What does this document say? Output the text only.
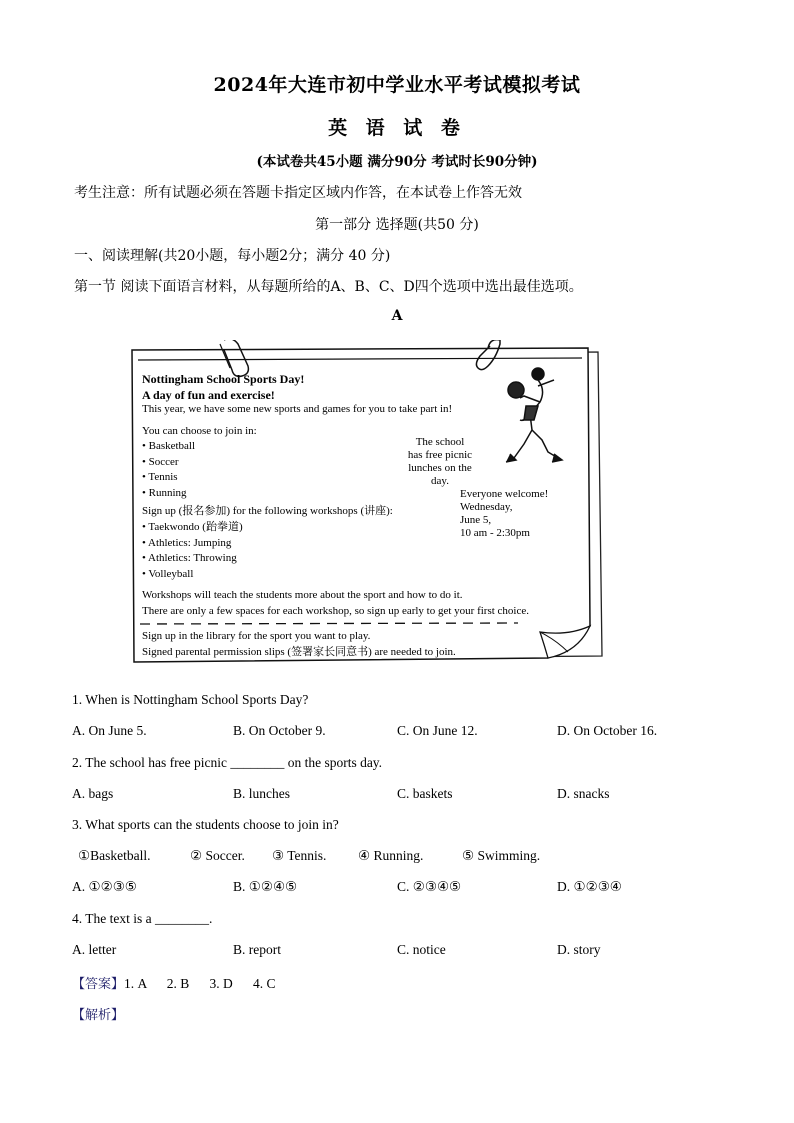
2024年大连市初中学业水平考试模拟考试
英 语 试 卷
(本试卷共45小题 满分90分 考试时长90分钟)
考生注意：所有试题必须在答题卡指定区域内作答，在本试卷上作答无效
第一部分 选择题(共50 分)
一、阅读理解(共20小题，每小题2分；满分 40 分)
第一节 阅读下面语言材料，从每题所给的A、B、C、D四个选项中选出最佳选项。
A
Nottingham School Sports Day!
A day of fun and exercise!
This year, we have some new sports and games for you to take part in!
You can choose to join in:
• Basketball
• Soccer
• Tennis
• Running
Sign up (报名参加) for the following workshops (讲座):
• Taekwondo (跆拳道)
• Athletics: Jumping
• Athletics: Throwing
• Volleyball
The school
has free picnic
lunches on the
day.
Everyone welcome!
Wednesday,
June 5,
10 am - 2:30pm
Workshops will teach the students more about the sport and how to do it.
There are only a few spaces for each workshop, so sign up early to get your first choice.
Sign up in the library for the sport you want to play.
Signed parental permission slips (签署家长同意书) are needed to join.
1. When is Nottingham School Sports Day?
A. On June 5.	B. On October 9.	C. On June 12.	D. On October 16.
2. The school has free picnic ________ on the sports day.
A. bags	B. lunches	C. baskets	D. snacks
3. What sports can the students choose to join in?
①Basketball.	② Soccer. ③ Tennis. ④ Running.	⑤ Swimming.
A. ①②③⑤	B. ①②④⑤	C. ②③④⑤	D. ①②③④
4. The text is a ________.
A. letter	B. report	C. notice	D. story
【答案】1. A      2. B      3. D      4. C
【解析】
